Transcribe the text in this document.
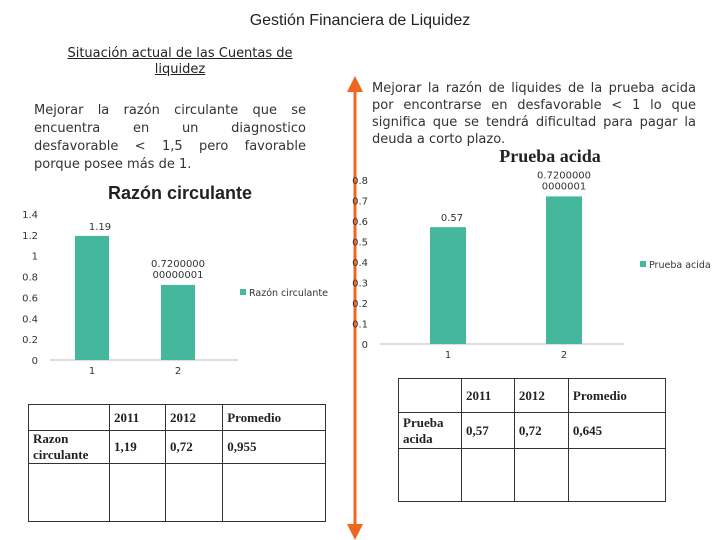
Gestión Financiera de Liquidez
Situación actual de las Cuentas de liquidez
Mejorar la razón circulante que se encuentra en un diagnostico desfavorable < 1,5 pero favorable porque posee más de 1.
Mejorar la razón de liquides de la prueba acida por encontrarse en desfavorable < 1 lo que significa que se tendrá dificultad para pagar la deuda a corto plazo.
Razón circulante
Prueba acida
0
0.2
0.4
0.6
0.8
1
1.2
1.4
1
1.19
2
0.7200000 00000001
Razón circulante
0
0.1
0.2
0.3
0.4
0.5
0.6
0.7
0.8
1
0.57
2
0.7200000 0000001
Prueba acida
	2011	2012	Promedio
Razon circulante	1,19	0,72	0,955

	2011	2012	Promedio
Prueba acida	0,57	0,72	0,645
